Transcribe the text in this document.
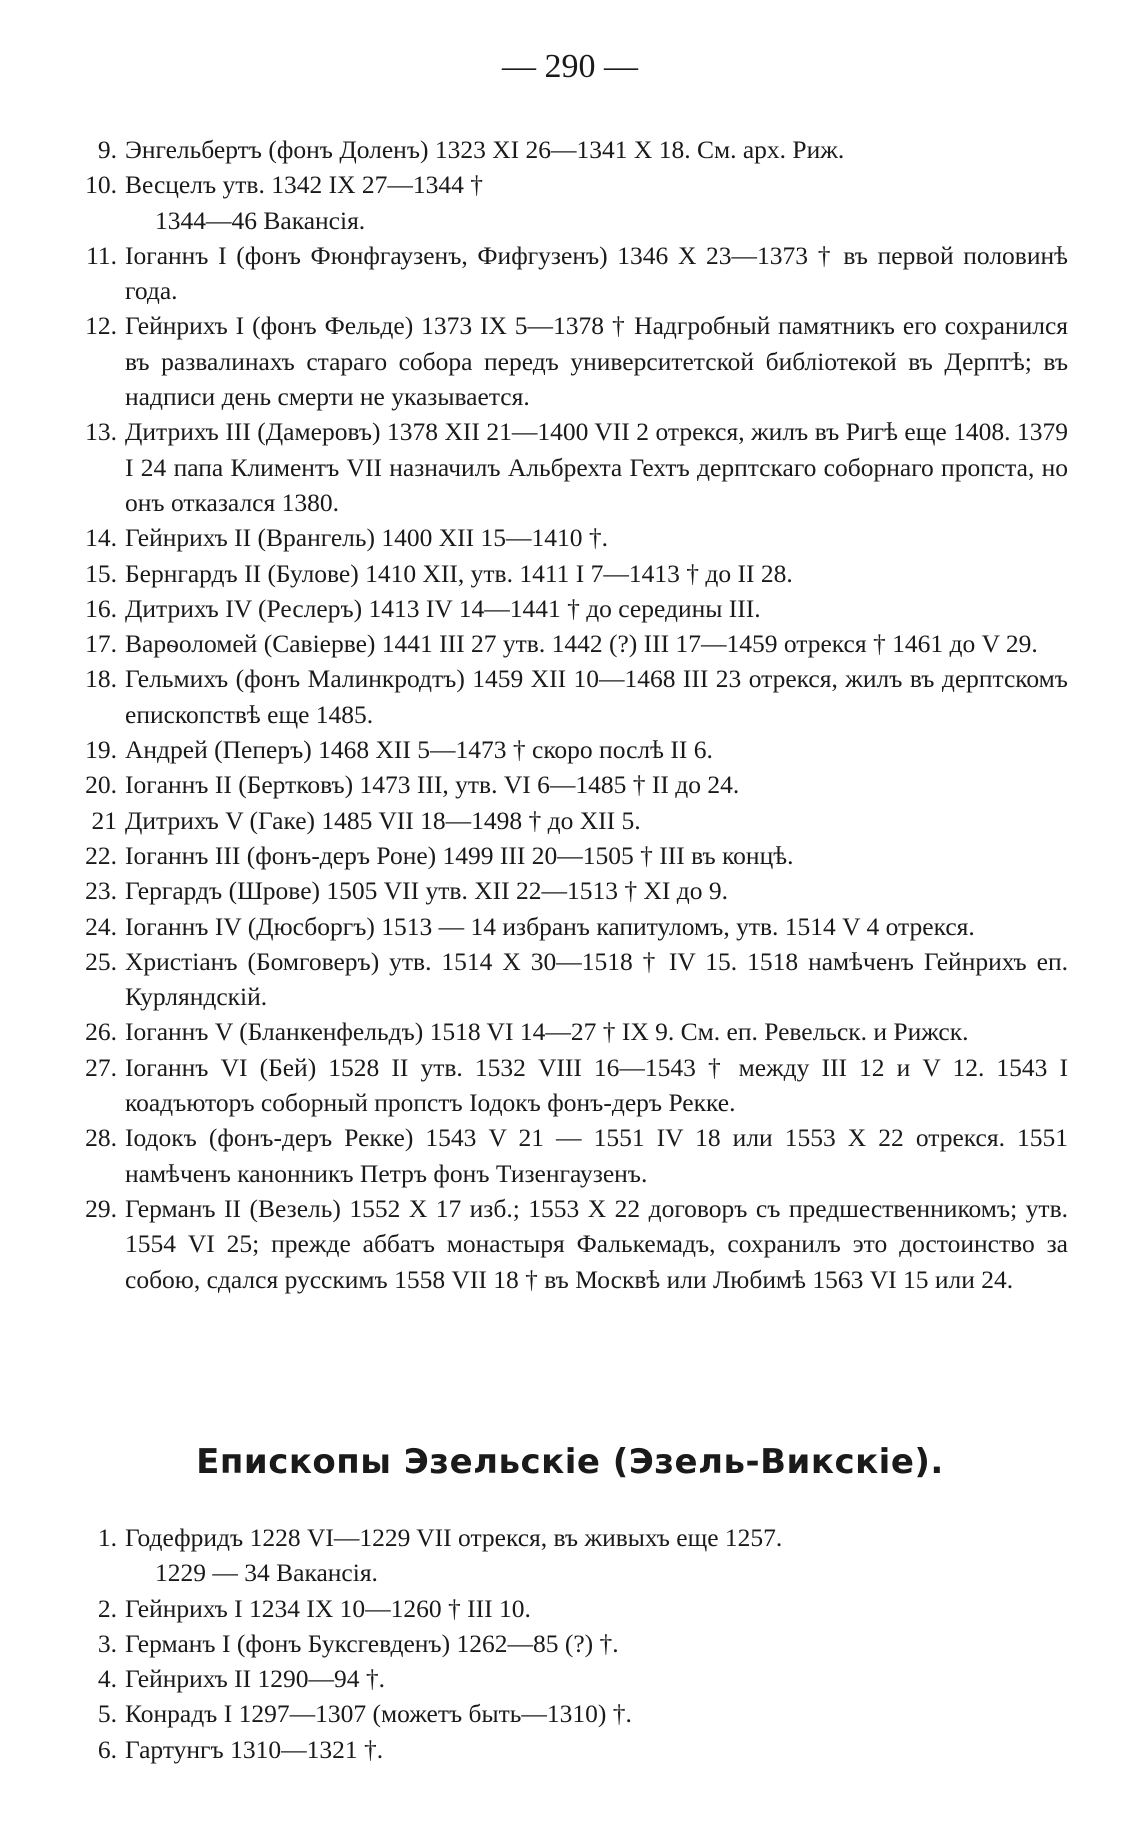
— 290 —
9. Энгельбертъ (фонъ Доленъ) 1323 XI 26—1341 X 18. См. арх. Риж.
10. Весцелъ утв. 1342 IX 27—1344 †
1344—46 Вакансія.
11. Іоганнъ I (фонъ Фюнфгаузенъ, Фифгузенъ) 1346 X 23—1373 † въ первой половинѣ года.
12. Гейнрихъ I (фонъ Фельде) 1373 IX 5—1378 † Надгробный памятникъ его сохранился въ развалинахъ стараго собора передъ университетской библіотекой въ Дерптѣ; въ надписи день смерти не указывается.
13. Дитрихъ III (Дамеровъ) 1378 XII 21—1400 VII 2 отрекся, жилъ въ Ригѣ еще 1408. 1379 I 24 папа Климентъ VII назначилъ Альбрехта Гехтъ дерптскаго соборнаго пропста, но онъ отказался 1380.
14. Гейнрихъ II (Врангель) 1400 XII 15—1410 †.
15. Бернгардъ II (Булове) 1410 XII, утв. 1411 I 7—1413 † до II 28.
16. Дитрихъ IV (Реслеръ) 1413 IV 14—1441 † до середины III.
17. Варѳоломей (Савіерве) 1441 III 27 утв. 1442 (?) III 17—1459 отрекся † 1461 до V 29.
18. Гельмихъ (фонъ Малинкродтъ) 1459 XII 10—1468 III 23 отрекся, жилъ въ дерптскомъ епископствѣ еще 1485.
19. Андрей (Пеперъ) 1468 XII 5—1473 † скоро послѣ II 6.
20. Іоганнъ II (Бертковъ) 1473 III, утв. VI 6—1485 † II до 24.
21 Дитрихъ V (Гаке) 1485 VII 18—1498 † до XII 5.
22. Іоганнъ III (фонъ-деръ Роне) 1499 III 20—1505 † III въ концѣ.
23. Гергардъ (Шрове) 1505 VII утв. XII 22—1513 † XI до 9.
24. Іоганнъ IV (Дюсборгъ) 1513 — 14 избранъ капитуломъ, утв. 1514 V 4 отрекся.
25. Христіанъ (Бомговеръ) утв. 1514 X 30—1518 † IV 15. 1518 намѣченъ Гейнрихъ еп. Курляндскій.
26. Іоганнъ V (Бланкенфельдъ) 1518 VI 14—27 † IX 9. См. еп. Ревельск. и Рижск.
27. Іоганнъ VI (Бей) 1528 II утв. 1532 VIII 16—1543 † между III 12 и V 12. 1543 I коадъюторъ соборный пропстъ Іодокъ фонъ-деръ Рекке.
28. Іодокъ (фонъ-деръ Рекке) 1543 V 21 — 1551 IV 18 или 1553 X 22 отрекся. 1551 намѣченъ канонникъ Петръ фонъ Тизенгаузенъ.
29. Германъ II (Везель) 1552 X 17 изб.; 1553 X 22 договоръ съ предшественникомъ; утв. 1554 VI 25; прежде аббатъ монастыря Фалькемадъ, сохранилъ это достоинство за собою, сдался русскимъ 1558 VII 18 † въ Москвѣ или Любимѣ 1563 VI 15 или 24.
Епископы Эзельскіе (Эзель-Викскіе).
1. Годефридъ 1228 VI—1229 VII отрекся, въ живыхъ еще 1257.
1229 — 34 Вакансія.
2. Гейнрихъ I 1234 IX 10—1260 † III 10.
3. Германъ I (фонъ Буксгевденъ) 1262—85 (?) †.
4. Гейнрихъ II 1290—94 †.
5. Конрадъ I 1297—1307 (можетъ быть—1310) †.
6. Гартунгъ 1310—1321 †.
